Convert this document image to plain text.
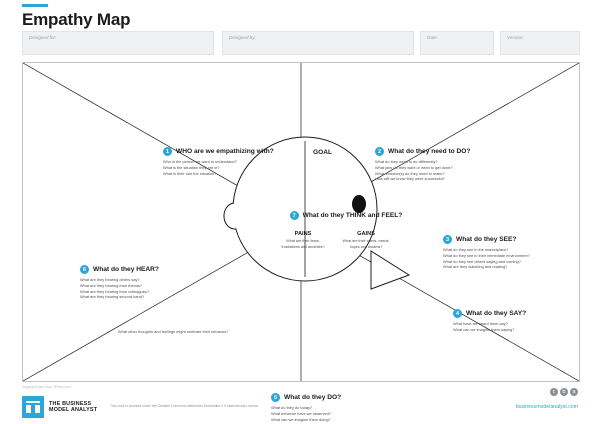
Empathy Map
Designed for:	Designed by:	Date:	Version:
GOAL
1	WHO are we empathizing with?
Who is the person we want to understand?
What is the situation they are in?
What is their role the situation?
2	What do they need to DO?
What do they need to do differently?
What jobs do they want or need to get done?
What decision(s) do they need to make?
How will we know they were successful?
7	What do they THINK and FEEL?
PAINS
What are their fears,
frustrations and anxieties?
GAINS
What are their wants, needs,
hopes and dreams?
3	What do they SEE?
What do they see in the marketplace?
What do they see in their immediate environment?
What do they see others saying and coming?
What are they watching and reading?
6	What do they HEAR?
What are they hearing others say?
What are they hearing from friends?
What are they hearing from colleagues?
What are they hearing second-hand?
4	What do they SAY?
What have we heard them say?
What can we imagine them saying?
5	What do they DO?
What do they do today?
What behavior have we observed?
What can we imagine them doing?
What other thoughts and feelings might motivate their behavior?
Copyright Dave Gray, XPlane.com
This work is licensed under the Creative Commons Attribution-ShareAlike 4.0 International License.
THE BUSINESS
MODEL ANALYST
c	b	a
businessmodelanalyst.com
